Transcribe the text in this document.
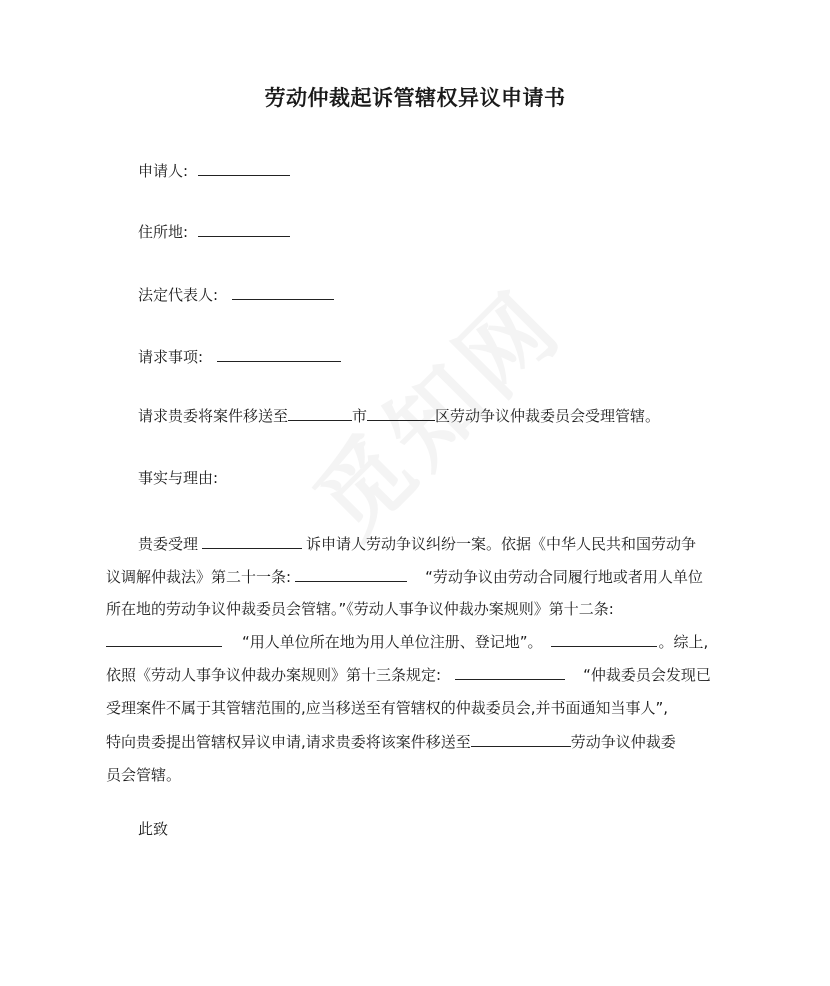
劳动仲裁起诉管辖权异议申请书
申请人:
住所地:
法定代表人:
请求事项:
请求贵委将案件移送至	市	区劳动争议仲裁委员会受理管辖。
事实与理由:
贵委受理	诉申请人劳动争议纠纷一案。依据《中华人民共和国劳动争
议调解仲裁法》第二十一条:	“劳动争议由劳动合同履行地或者用人单位
所在地的劳动争议仲裁委员会管辖。”《劳动人事争议仲裁办案规则》第十二条:
“用人单位所在地为用人单位注册、登记地”。	。综上,
依照《劳动人事争议仲裁办案规则》第十三条规定:	“仲裁委员会发现已
受理案件不属于其管辖范围的,应当移送至有管辖权的仲裁委员会,并书面通知当事人”,
特向贵委提出管辖权异议申请,请求贵委将该案件移送至	劳动争议仲裁委
员会管辖。
此致
